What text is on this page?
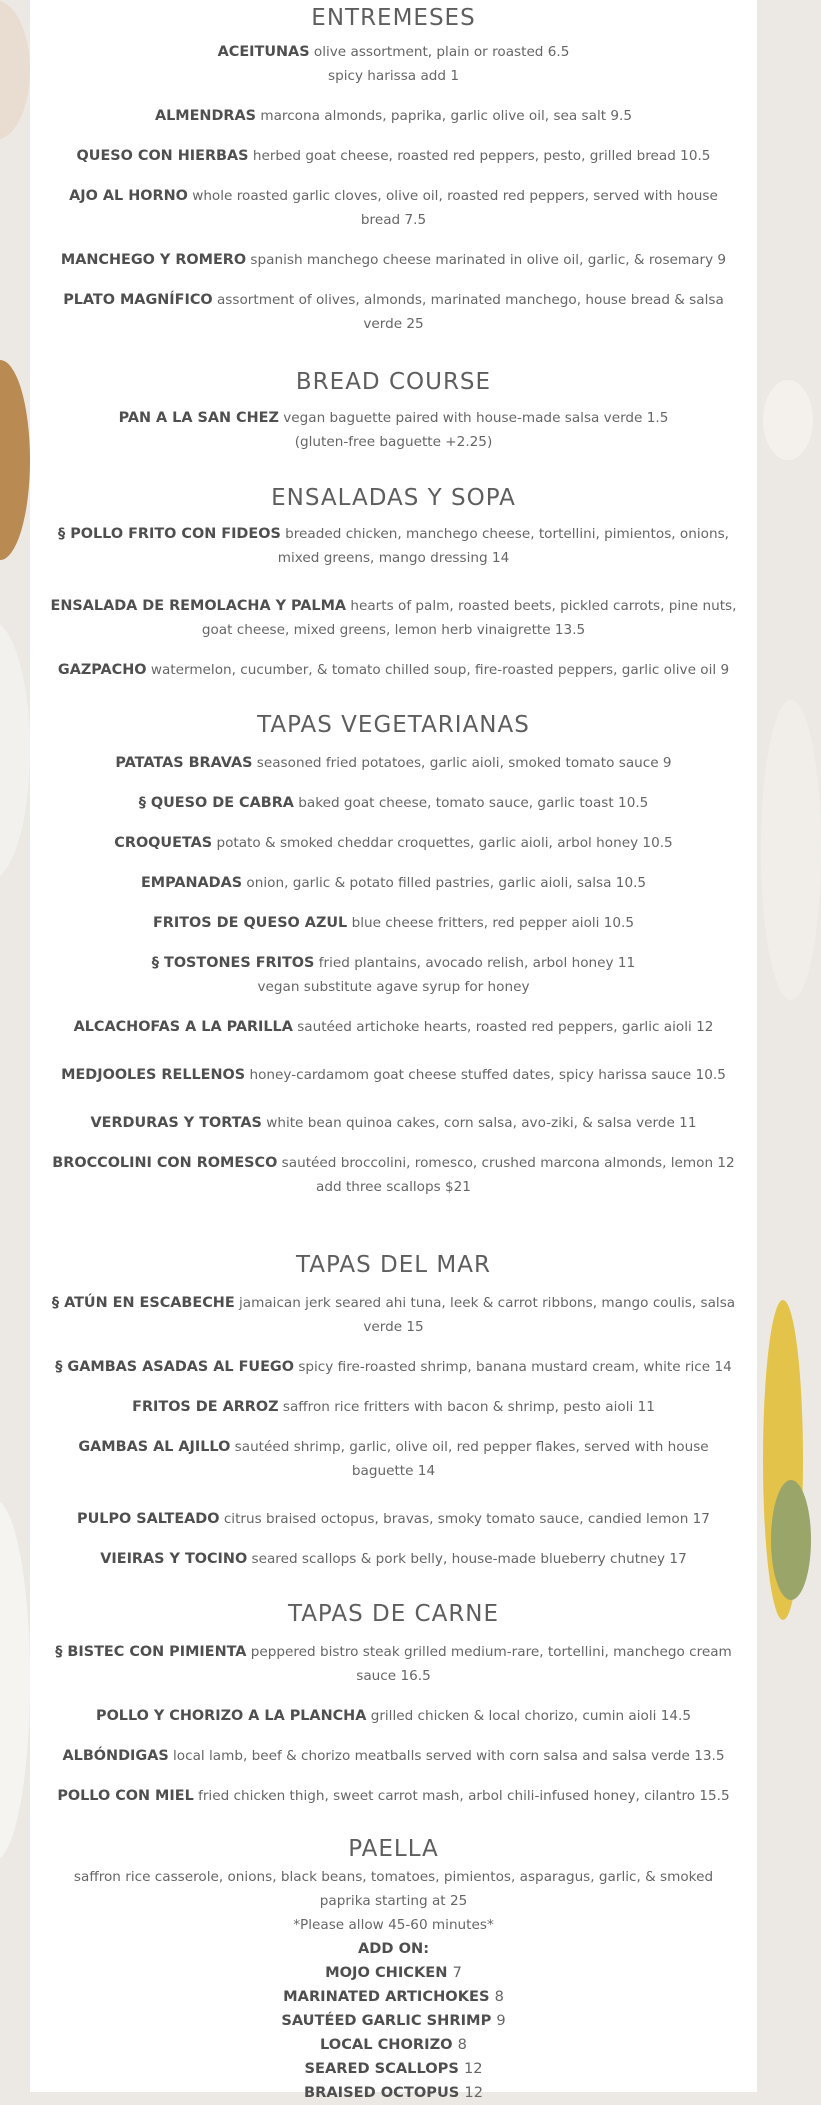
ENTREMESES

ACEITUNAS olive assortment, plain or roasted 6.5
spicy harissa add 1

ALMENDRAS marcona almonds, paprika, garlic olive oil, sea salt 9.5

QUESO CON HIERBAS herbed goat cheese, roasted red peppers, pesto, grilled bread 10.5

AJO AL HORNO whole roasted garlic cloves, olive oil, roasted red peppers, served with house bread 7.5

MANCHEGO Y ROMERO spanish manchego cheese marinated in olive oil, garlic, & rosemary 9

PLATO MAGNÍFICO assortment of olives, almonds, marinated manchego, house bread & salsa verde 25

BREAD COURSE

PAN A LA SAN CHEZ vegan baguette paired with house-made salsa verde 1.5
(gluten-free baguette +2.25)

ENSALADAS Y SOPA

§ POLLO FRITO CON FIDEOS breaded chicken, manchego cheese, tortellini, pimientos, onions, mixed greens, mango dressing 14

ENSALADA DE REMOLACHA Y PALMA hearts of palm, roasted beets, pickled carrots, pine nuts, goat cheese, mixed greens, lemon herb vinaigrette 13.5

GAZPACHO watermelon, cucumber, & tomato chilled soup, fire-roasted peppers, garlic olive oil 9

TAPAS VEGETARIANAS

PATATAS BRAVAS seasoned fried potatoes, garlic aioli, smoked tomato sauce 9

§ QUESO DE CABRA baked goat cheese, tomato sauce, garlic toast 10.5

CROQUETAS potato & smoked cheddar croquettes, garlic aioli, arbol honey 10.5

EMPANADAS onion, garlic & potato filled pastries, garlic aioli, salsa 10.5

FRITOS DE QUESO AZUL blue cheese fritters, red pepper aioli 10.5

§ TOSTONES FRITOS fried plantains, avocado relish, arbol honey 11
vegan substitute agave syrup for honey

ALCACHOFAS A LA PARILLA sautéed artichoke hearts, roasted red peppers, garlic aioli 12

MEDJOOLES RELLENOS honey-cardamom goat cheese stuffed dates, spicy harissa sauce 10.5

VERDURAS Y TORTAS white bean quinoa cakes, corn salsa, avo-ziki, & salsa verde 11

BROCCOLINI CON ROMESCO sautéed broccolini, romesco, crushed marcona almonds, lemon 12
add three scallops $21

TAPAS DEL MAR

§ ATÚN EN ESCABECHE jamaican jerk seared ahi tuna, leek & carrot ribbons, mango coulis, salsa verde 15

§ GAMBAS ASADAS AL FUEGO spicy fire-roasted shrimp, banana mustard cream, white rice 14

FRITOS DE ARROZ saffron rice fritters with bacon & shrimp, pesto aioli 11

GAMBAS AL AJILLO sautéed shrimp, garlic, olive oil, red pepper flakes, served with house baguette 14

PULPO SALTEADO citrus braised octopus, bravas, smoky tomato sauce, candied lemon 17

VIEIRAS Y TOCINO seared scallops & pork belly, house-made blueberry chutney 17

TAPAS DE CARNE

§ BISTEC CON PIMIENTA peppered bistro steak grilled medium-rare, tortellini, manchego cream sauce 16.5

POLLO Y CHORIZO A LA PLANCHA grilled chicken & local chorizo, cumin aioli 14.5

ALBÓNDIGAS local lamb, beef & chorizo meatballs served with corn salsa and salsa verde 13.5

POLLO CON MIEL fried chicken thigh, sweet carrot mash, arbol chili-infused honey, cilantro 15.5

PAELLA

saffron rice casserole, onions, black beans, tomatoes, pimientos, asparagus, garlic, & smoked paprika starting at 25

*Please allow 45-60 minutes*

ADD ON:
MOJO CHICKEN 7
MARINATED ARTICHOKES 8
SAUTÉED GARLIC SHRIMP 9
LOCAL CHORIZO 8
SEARED SCALLOPS 12
BRAISED OCTOPUS 12
